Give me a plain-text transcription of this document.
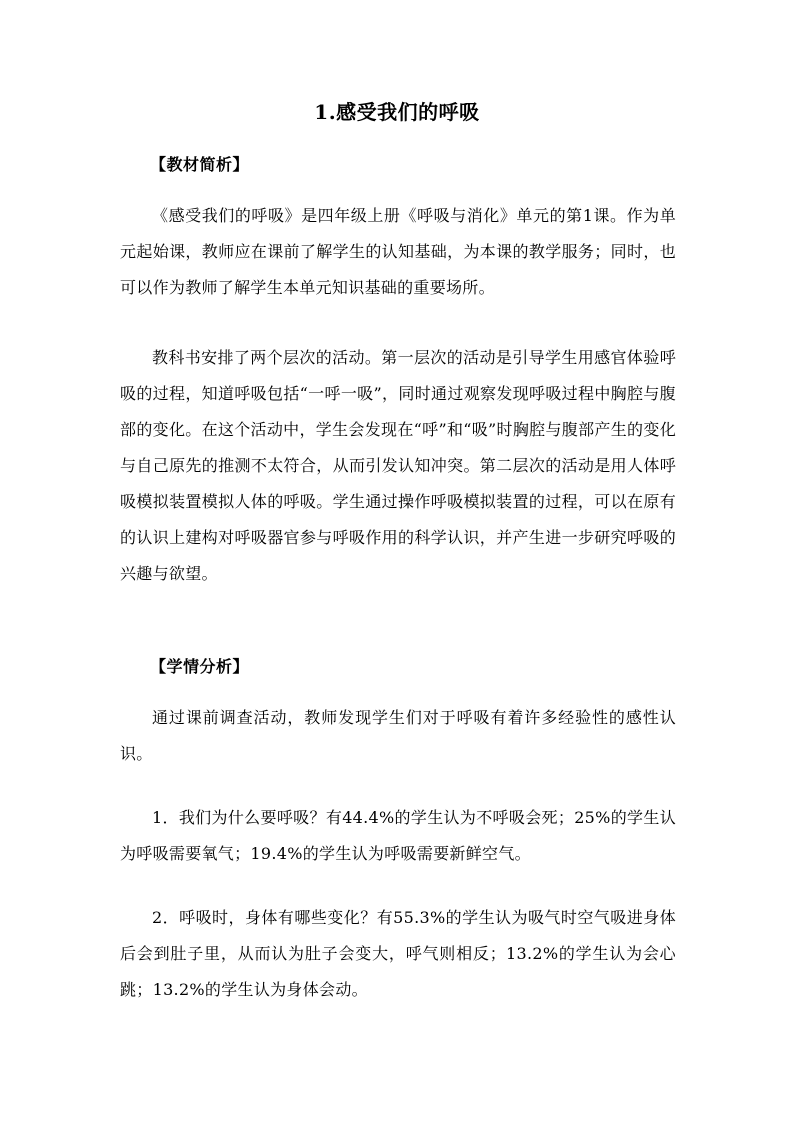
1.感受我们的呼吸
【教材简析】
《感受我们的呼吸》是四年级上册《呼吸与消化》单元的第1课。作为单元起始课，教师应在课前了解学生的认知基础，为本课的教学服务；同时，也可以作为教师了解学生本单元知识基础的重要场所。
教科书安排了两个层次的活动。第一层次的活动是引导学生用感官体验呼吸的过程，知道呼吸包括“一呼一吸”，同时通过观察发现呼吸过程中胸腔与腹部的变化。在这个活动中，学生会发现在“呼”和“吸”时胸腔与腹部产生的变化与自己原先的推测不太符合，从而引发认知冲突。第二层次的活动是用人体呼吸模拟装置模拟人体的呼吸。学生通过操作呼吸模拟装置的过程，可以在原有的认识上建构对呼吸器官参与呼吸作用的科学认识，并产生进一步研究呼吸的兴趣与欲望。
【学情分析】
通过课前调查活动，教师发现学生们对于呼吸有着许多经验性的感性认识。
1．我们为什么要呼吸？有44.4%的学生认为不呼吸会死；25%的学生认为呼吸需要氧气；19.4%的学生认为呼吸需要新鲜空气。
2．呼吸时，身体有哪些变化？有55.3%的学生认为吸气时空气吸进身体后会到肚子里，从而认为肚子会变大，呼气则相反；13.2%的学生认为会心跳；13.2%的学生认为身体会动。
